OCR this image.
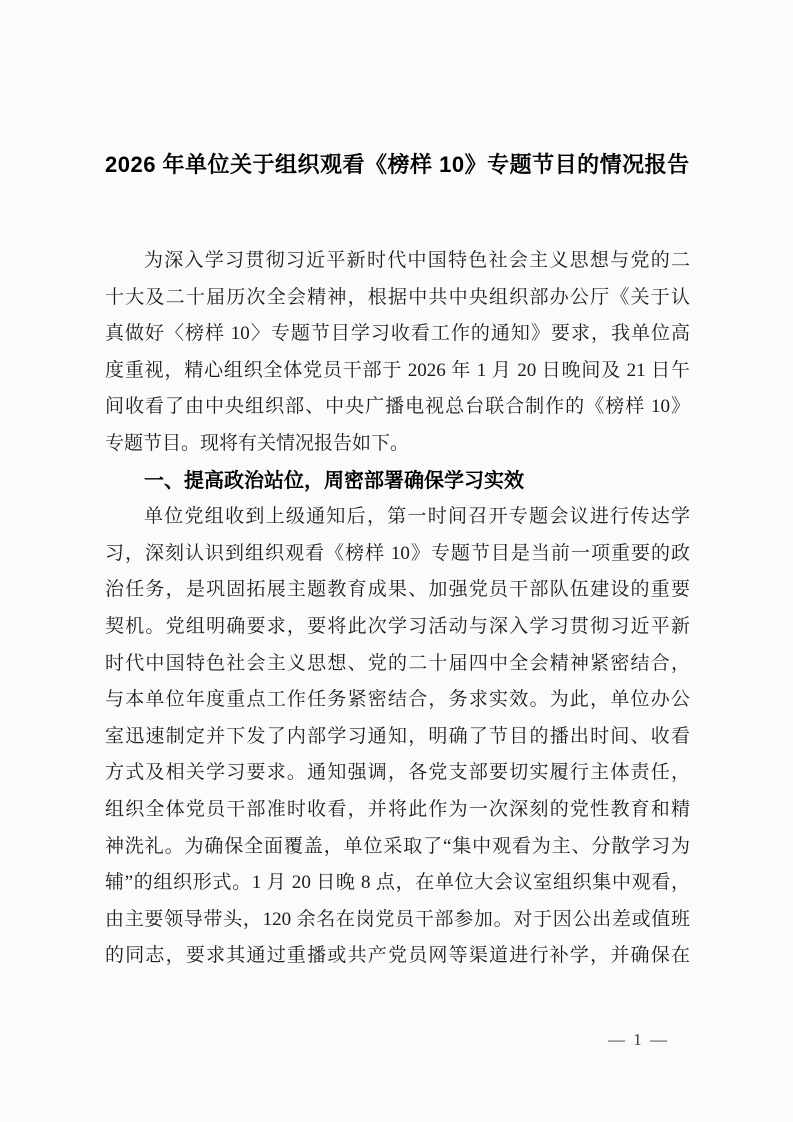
2026 年单位关于组织观看《榜样 10》专题节目的情况报告
为深入学习贯彻习近平新时代中国特色社会主义思想与党的二
十大及二十届历次全会精神，根据中共中央组织部办公厅《关于认
真做好〈榜样 10〉专题节目学习收看工作的通知》要求，我单位高
度重视，精心组织全体党员干部于 2026 年 1 月 20 日晚间及 21 日午
间收看了由中央组织部、中央广播电视总台联合制作的《榜样 10》
专题节目。现将有关情况报告如下。
一、提高政治站位，周密部署确保学习实效
单位党组收到上级通知后，第一时间召开专题会议进行传达学
习，深刻认识到组织观看《榜样 10》专题节目是当前一项重要的政
治任务，是巩固拓展主题教育成果、加强党员干部队伍建设的重要
契机。党组明确要求，要将此次学习活动与深入学习贯彻习近平新
时代中国特色社会主义思想、党的二十届四中全会精神紧密结合，
与本单位年度重点工作任务紧密结合，务求实效。为此，单位办公
室迅速制定并下发了内部学习通知，明确了节目的播出时间、收看
方式及相关学习要求。通知强调，各党支部要切实履行主体责任，
组织全体党员干部准时收看，并将此作为一次深刻的党性教育和精
神洗礼。为确保全面覆盖，单位采取了“集中观看为主、分散学习为
辅”的组织形式。1 月 20 日晚 8 点，在单位大会议室组织集中观看，
由主要领导带头，120 余名在岗党员干部参加。对于因公出差或值班
的同志，要求其通过重播或共产党员网等渠道进行补学，并确保在
— 1 —
